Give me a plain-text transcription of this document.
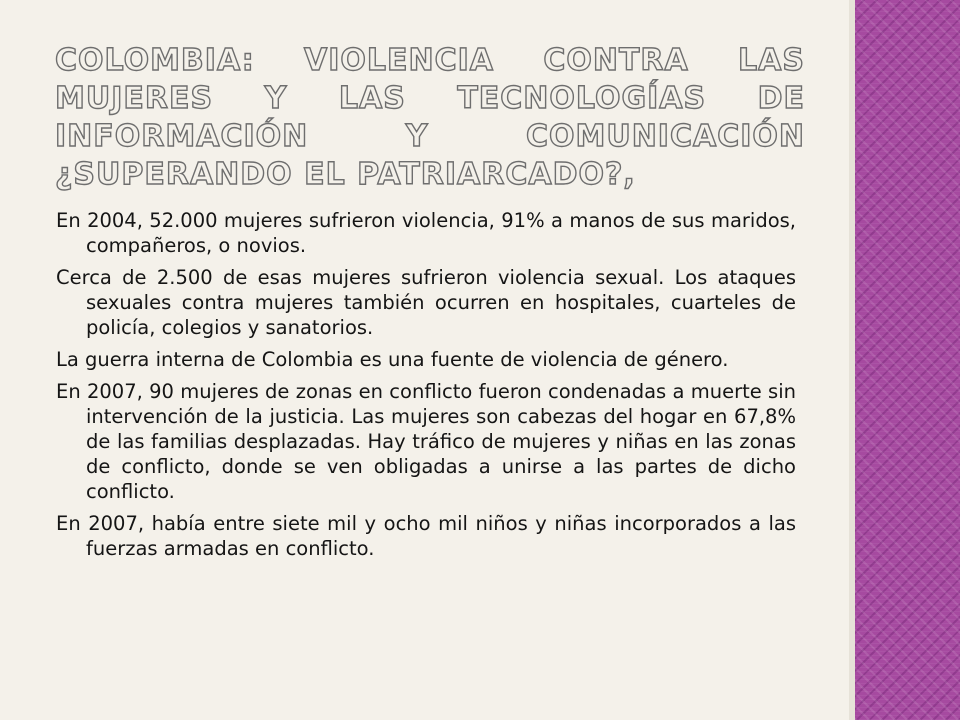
COLOMBIA: VIOLENCIA CONTRA LAS MUJERES Y LAS TECNOLOGÍAS DE INFORMACIÓN Y COMUNICACIÓN ¿SUPERANDO EL PATRIARCADO?,

En 2004, 52.000 mujeres sufrieron violencia, 91% a manos de sus maridos, compañeros, o novios.

Cerca de 2.500 de esas mujeres sufrieron violencia sexual. Los ataques sexuales contra mujeres también ocurren en hospitales, cuarteles de policía, colegios y sanatorios.

La guerra interna de Colombia es una fuente de violencia de género.

En 2007, 90 mujeres de zonas en conflicto fueron condenadas a muerte sin intervención de la justicia. Las mujeres son cabezas del hogar en 67,8% de las familias desplazadas. Hay tráfico de mujeres y niñas en las zonas de conflicto, donde se ven obligadas a unirse a las partes de dicho conflicto.

En 2007, había entre siete mil y ocho mil niños y niñas incorporados a las fuerzas armadas en conflicto.
